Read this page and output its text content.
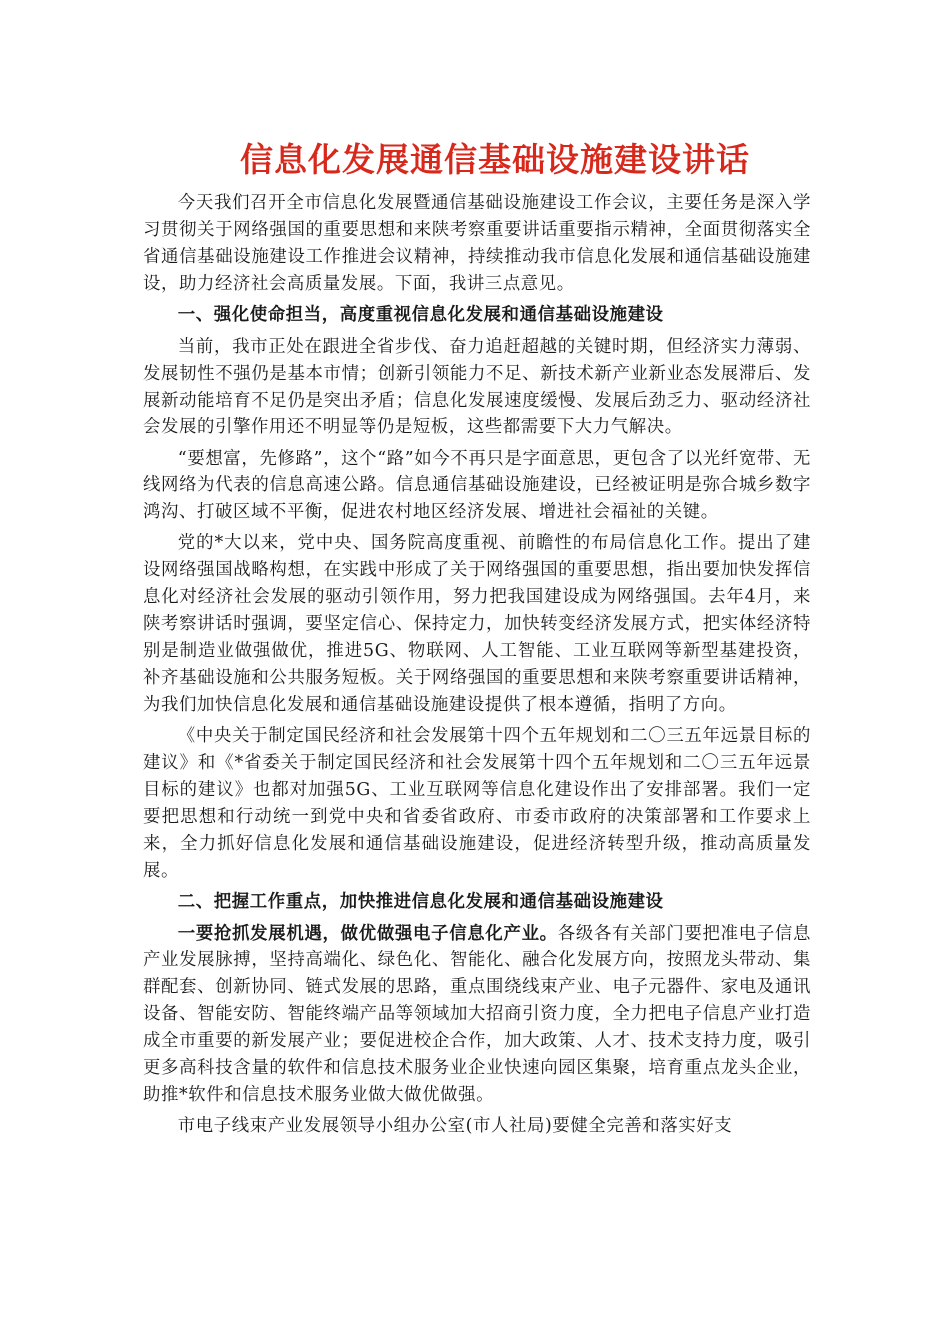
信息化发展通信基础设施建设讲话

今天我们召开全市信息化发展暨通信基础设施建设工作会议，主要任务是深入学习贯彻关于网络强国的重要思想和来陕考察重要讲话重要指示精神，全面贯彻落实全省通信基础设施建设工作推进会议精神，持续推动我市信息化发展和通信基础设施建设，助力经济社会高质量发展。下面，我讲三点意见。

一、强化使命担当，高度重视信息化发展和通信基础设施建设

当前，我市正处在跟进全省步伐、奋力追赶超越的关键时期，但经济实力薄弱、发展韧性不强仍是基本市情；创新引领能力不足、新技术新产业新业态发展滞后、发展新动能培育不足仍是突出矛盾；信息化发展速度缓慢、发展后劲乏力、驱动经济社会发展的引擎作用还不明显等仍是短板，这些都需要下大力气解决。

“要想富，先修路”，这个“路”如今不再只是字面意思，更包含了以光纤宽带、无线网络为代表的信息高速公路。信息通信基础设施建设，已经被证明是弥合城乡数字鸿沟、打破区域不平衡，促进农村地区经济发展、增进社会福祉的关键。

党的*大以来，党中央、国务院高度重视、前瞻性的布局信息化工作。提出了建设网络强国战略构想，在实践中形成了关于网络强国的重要思想，指出要加快发挥信息化对经济社会发展的驱动引领作用，努力把我国建设成为网络强国。去年4月，来陕考察讲话时强调，要坚定信心、保持定力，加快转变经济发展方式，把实体经济特别是制造业做强做优，推进5G、物联网、人工智能、工业互联网等新型基建投资，补齐基础设施和公共服务短板。关于网络强国的重要思想和来陕考察重要讲话精神，为我们加快信息化发展和通信基础设施建设提供了根本遵循，指明了方向。

《中央关于制定国民经济和社会发展第十四个五年规划和二〇三五年远景目标的建议》和《*省委关于制定国民经济和社会发展第十四个五年规划和二〇三五年远景目标的建议》也都对加强5G、工业互联网等信息化建设作出了安排部署。我们一定要把思想和行动统一到党中央和省委省政府、市委市政府的决策部署和工作要求上来，全力抓好信息化发展和通信基础设施建设，促进经济转型升级，推动高质量发展。

二、把握工作重点，加快推进信息化发展和通信基础设施建设

一要抢抓发展机遇，做优做强电子信息化产业。各级各有关部门要把准电子信息产业发展脉搏，坚持高端化、绿色化、智能化、融合化发展方向，按照龙头带动、集群配套、创新协同、链式发展的思路，重点围绕线束产业、电子元器件、家电及通讯设备、智能安防、智能终端产品等领域加大招商引资力度，全力把电子信息产业打造成全市重要的新发展产业；要促进校企合作，加大政策、人才、技术支持力度，吸引更多高科技含量的软件和信息技术服务业企业快速向园区集聚，培育重点龙头企业，助推*软件和信息技术服务业做大做优做强。

市电子线束产业发展领导小组办公室(市人社局)要健全完善和落实好支
